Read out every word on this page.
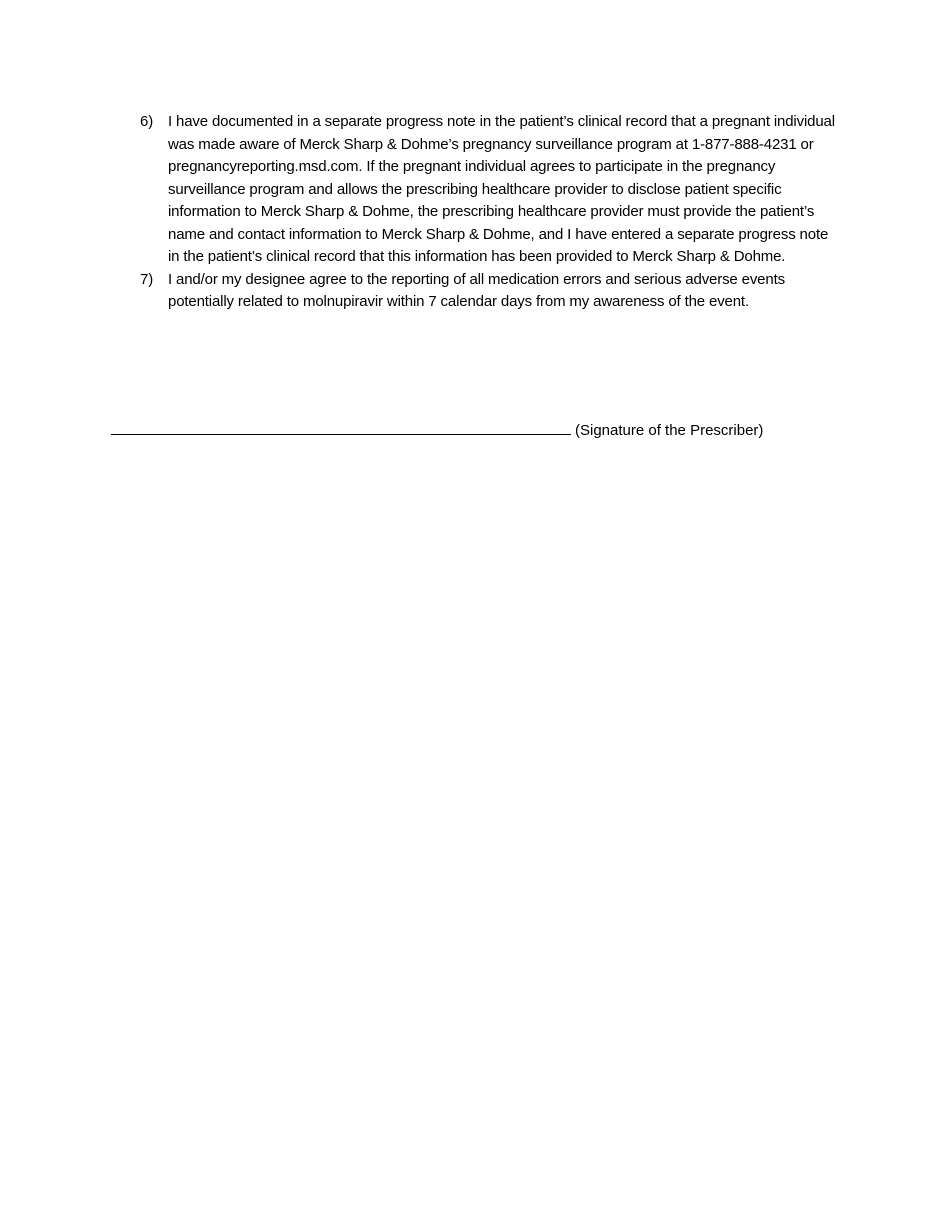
6) I have documented in a separate progress note in the patient’s clinical record that a pregnant individual was made aware of Merck Sharp & Dohme’s pregnancy surveillance program at 1-877-888-4231 or pregnancyreporting.msd.com. If the pregnant individual agrees to participate in the pregnancy surveillance program and allows the prescribing healthcare provider to disclose patient specific information to Merck Sharp & Dohme, the prescribing healthcare provider must provide the patient’s name and contact information to Merck Sharp & Dohme, and I have entered a separate progress note in the patient’s clinical record that this information has been provided to Merck Sharp & Dohme.
7) I and/or my designee agree to the reporting of all medication errors and serious adverse events potentially related to molnupiravir within 7 calendar days from my awareness of the event.
(Signature of the Prescriber)
